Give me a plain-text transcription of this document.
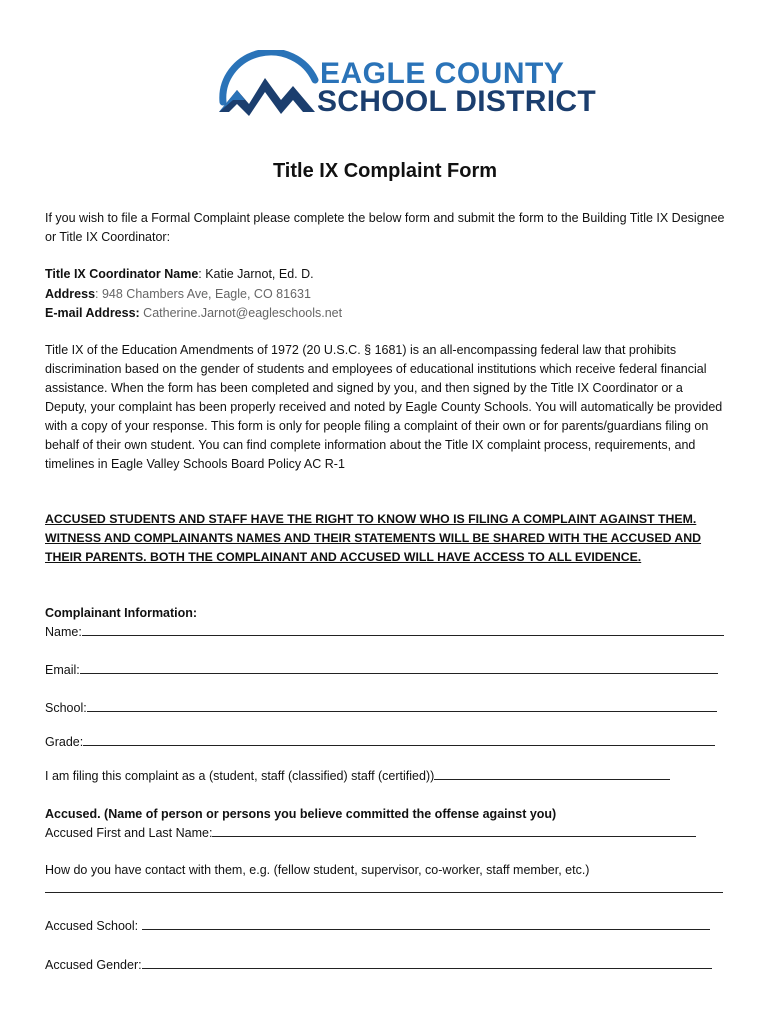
EAGLE COUNTY
SCHOOL DISTRICT
Title IX Complaint Form
If you wish to file a Formal Complaint please complete the below form and submit the form to the Building Title IX Designee or Title IX Coordinator:
Title IX Coordinator Name: Katie Jarnot, Ed. D.
Address: 948 Chambers Ave, Eagle, CO 81631
E-mail Address: Catherine.Jarnot@eagleschools.net
Title IX of the Education Amendments of 1972 (20 U.S.C. § 1681) is an all-encompassing federal law that prohibits discrimination based on the gender of students and employees of educational institutions which receive federal financial assistance. When the form has been completed and signed by you, and then signed by the Title IX Coordinator or a Deputy, your complaint has been properly received and noted by Eagle County Schools. You will automatically be provided with a copy of your response. This form is only for people filing a complaint of their own or for parents/guardians filing on behalf of their own student. You can find complete information about the Title IX complaint process, requirements, and timelines in Eagle Valley Schools Board Policy AC R-1
ACCUSED STUDENTS AND STAFF HAVE THE RIGHT TO KNOW WHO IS FILING A COMPLAINT AGAINST THEM. WITNESS AND COMPLAINANTS NAMES AND THEIR STATEMENTS WILL BE SHARED WITH THE ACCUSED AND THEIR PARENTS. BOTH THE COMPLAINANT AND ACCUSED WILL HAVE ACCESS TO ALL EVIDENCE.
Complainant Information:
Name:
Email:
School:
Grade:
I am filing this complaint as a (student, staff (classified) staff (certified))
Accused. (Name of person or persons you believe committed the offense against you)
Accused First and Last Name:
How do you have contact with them, e.g. (fellow student, supervisor, co-worker, staff member, etc.)
Accused School:
Accused Gender:
